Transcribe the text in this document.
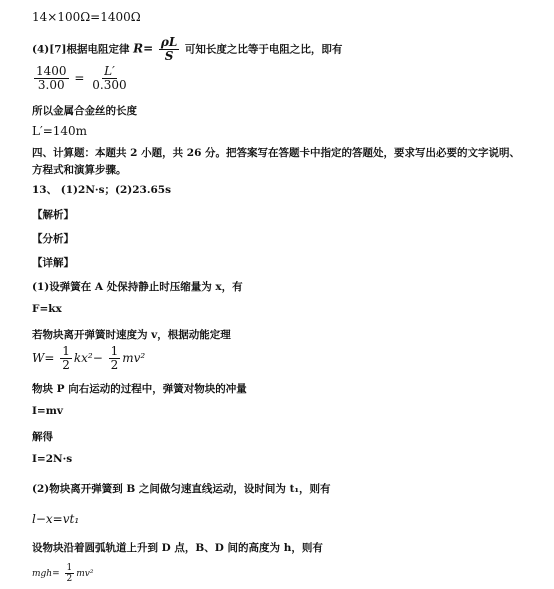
14×100Ω=1400Ω
(4)[7]根据电阻定律 $R= \frac{\rho L}{S}$ 可知长度之比等于电阻之比，即有
$\frac{1400}{3.00} = \frac{L'}{0.300}$
所以金属合金丝的长度
L′=140m
四、计算题：本题共 2 小题，共 26 分。把答案写在答题卡中指定的答题处，要求写出必要的文字说明、方程式和演算步骤。
13、 (1)2N·s；(2)23.65s
【解析】
【分析】
【详解】
(1)设弹簧在 A 处保持静止时压缩量为 x，有
F=kx
若物块离开弹簧时速度为 v，根据动能定理
$W= \frac{1}{2} kx^2- \frac{1}{2} mv^2$
物块 P 向右运动的过程中，弹簧对物块的冲量
I=mv
解得
I=2N·s
(2)物块离开弹簧到 B 之间做匀速直线运动，设时间为 t₁，则有
l−x=vt₁
设物块沿着圆弧轨道上升到 D 点，B、D 间的高度为 h，则有
$mgh= \frac{1}{2} mv^2$
